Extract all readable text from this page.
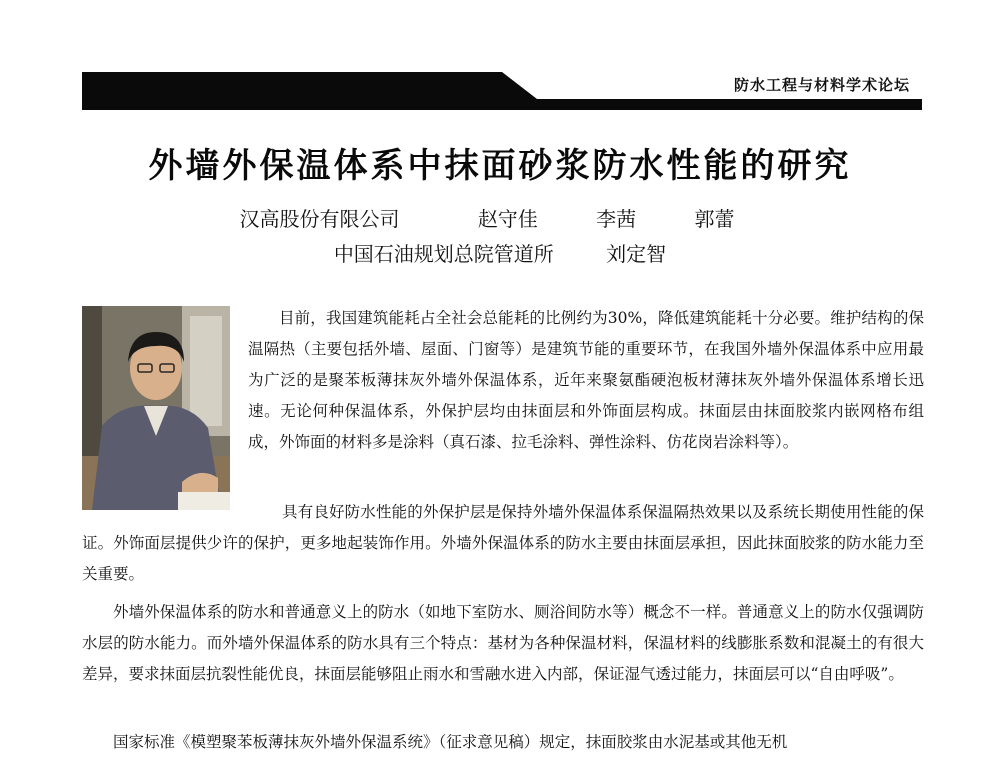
防水工程与材料学术论坛
外墙外保温体系中抹面砂浆防水性能的研究
汉高股份有限公司	赵守佳	李茜	郭蕾
中国石油规划总院管道所	刘定智

目前，我国建筑能耗占全社会总能耗的比例约为30%，降低建筑能耗十分必要。维护结构的保温隔热（主要包括外墙、屋面、门窗等）是建筑节能的重要环节，在我国外墙外保温体系中应用最为广泛的是聚苯板薄抹灰外墙外保温体系，近年来聚氨酯硬泡板材薄抹灰外墙外保温体系增长迅速。无论何种保温体系，外保护层均由抹面层和外饰面层构成。抹面层由抹面胶浆内嵌网格布组成，外饰面的材料多是涂料（真石漆、拉毛涂料、弹性涂料、仿花岗岩涂料等）。

具有良好防水性能的外保护层是保持外墙外保温体系保温隔热效果以及系统长期使用性能的保证。外饰面层提供少许的保护，更多地起装饰作用。外墙外保温体系的防水主要由抹面层承担，因此抹面胶浆的防水能力至关重要。

外墙外保温体系的防水和普通意义上的防水（如地下室防水、厕浴间防水等）概念不一样。普通意义上的防水仅强调防水层的防水能力。而外墙外保温体系的防水具有三个特点：基材为各种保温材料，保温材料的线膨胀系数和混凝土的有很大差异，要求抹面层抗裂性能优良，抹面层能够阻止雨水和雪融水进入内部，保证湿气透过能力，抹面层可以“自由呼吸”。

国家标准《模塑聚苯板薄抹灰外墙外保温系统》（征求意见稿）规定，抹面胶浆由水泥基或其他无机
